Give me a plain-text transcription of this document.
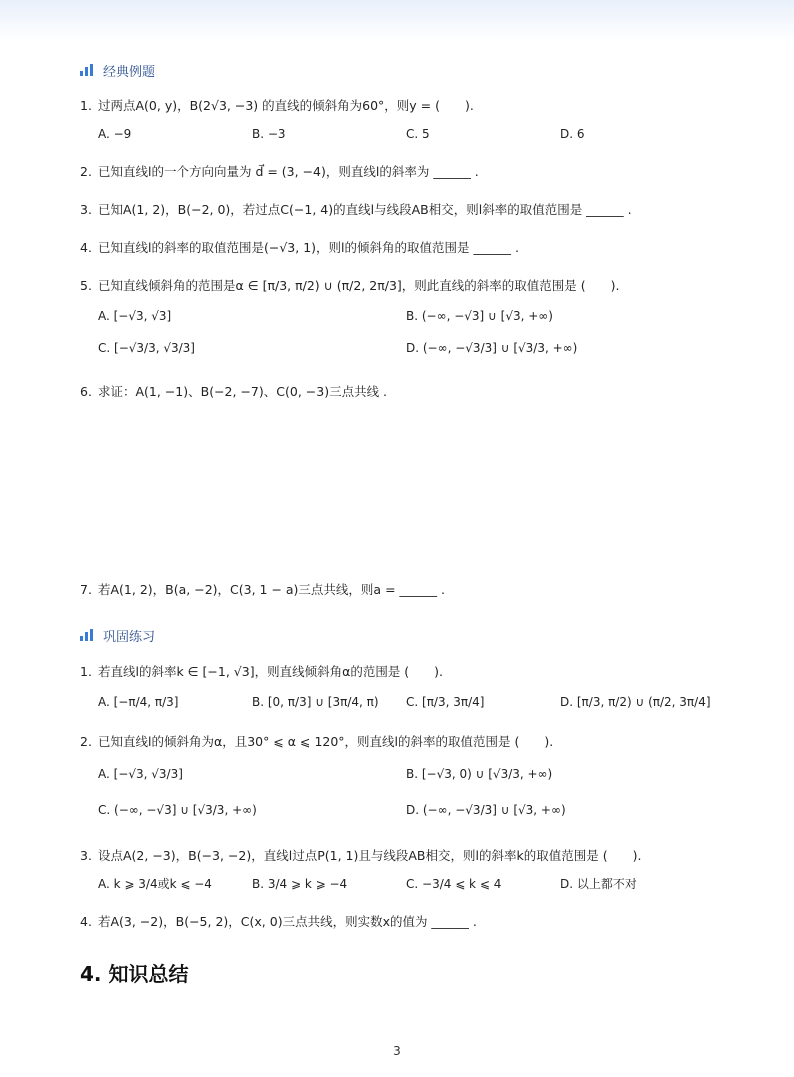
经典例题
1. 过两点A(0, y)，B(2√3, −3) 的直线的倾斜角为60°，则y = (　　).
A. −9	B. −3	C. 5	D. 6
2. 已知直线l的一个方向向量为 d⃗ = (3, −4)，则直线l的斜率为 ______ .
3. 已知A(1, 2)，B(−2, 0)，若过点C(−1, 4)的直线l与线段AB相交，则l斜率的取值范围是 ______ .
4. 已知直线l的斜率的取值范围是(−√3, 1)，则l的倾斜角的取值范围是 ______ .
5. 已知直线倾斜角的范围是α ∈ [π/3, π/2) ∪ (π/2, 2π/3]，则此直线的斜率的取值范围是 (　　).
A. [−√3, √3]	B. (−∞, −√3] ∪ [√3, +∞)
C. [−√3/3, √3/3]	D. (−∞, −√3/3] ∪ [√3/3, +∞)
6. 求证：A(1, −1)、B(−2, −7)、C(0, −3)三点共线 .
7. 若A(1, 2)，B(a, −2)，C(3, 1 − a)三点共线，则a = ______ .
巩固练习
1. 若直线l的斜率k ∈ [−1, √3]，则直线倾斜角α的范围是 (　　).
A. [−π/4, π/3]	B. [0, π/3] ∪ [3π/4, π) C. [π/3, 3π/4]	D. [π/3, π/2) ∪ (π/2, 3π/4]
2. 已知直线l的倾斜角为α，且30° ⩽ α ⩽ 120°，则直线l的斜率的取值范围是 (　　).
A. [−√3, √3/3]	B. [−√3, 0) ∪ [√3/3, +∞)
C. (−∞, −√3] ∪ [√3/3, +∞)	D. (−∞, −√3/3] ∪ [√3, +∞)
3. 设点A(2, −3)，B(−3, −2)，直线l过点P(1, 1)且与线段AB相交，则l的斜率k的取值范围是 (　　).
A. k ⩾ 3/4或k ⩽ −4	B. 3/4 ⩾ k ⩾ −4	C. −3/4 ⩽ k ⩽ 4	D. 以上都不对
4. 若A(3, −2)，B(−5, 2)，C(x, 0)三点共线，则实数x的值为 ______ .
4. 知识总结
3
